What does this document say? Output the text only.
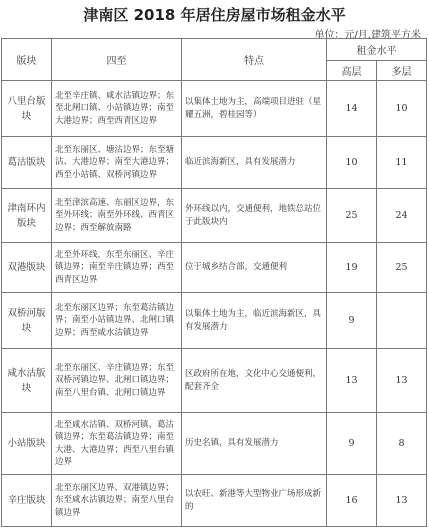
津南区 2018 年居住房屋市场租金水平
单位：元/月.建筑平方米
版块	四至	特点	租金水平	
			高层	多层
八里台版块	北至辛庄镇、咸水沽镇边界；东至北闸口镇、小站镇边界；南至大港边界；西至西青区边界	以集体土地为主，高端项目进驻（星耀五洲，碧桂园等）	14	10
葛沽版块	北至东丽区、塘沽边界；东至塘沽、大港边界；南至大港边界；西至小站镇、双桥河镇边界	临近滨海新区，具有发展潜力	10	11
津南环内版块	北至津滨高速、东丽区边界，东至外环线；南至外环线、西青区边界；西至解放南路	外环线以内，交通便利，地铁总站位于此版块内	25	24
双港版块	北至外环线，东至东丽区、辛庄镇边界；南至辛庄镇边界；西至西青区边界	位于城乡结合部，交通便利	19	25
双桥河版块	北至东丽区边界；东至葛沽镇边界；南至小站镇边界、北闸口镇边界；西至咸水沽镇边界	以集体土地为主，临近滨海新区，具有发展潜力	9	
咸水沽版块	北至东丽区、辛庄镇边界；东至双桥河镇边界、北闸口镇边界；南至八里台镇、北闸口镇边界	区政府所在地，文化中心交通便利，配套齐全	13	13
小站版块	北至咸水沽镇、双桥河镇、葛沽镇边界；东至葛沽镇边界；南至大港、大港边界；西至八里台镇边界	历史名镇，具有发展潜力	9	8
辛庄版块	北至东丽区边界、双港镇边界；东至咸水沽镇边界；南至八里台镇边界	以农旺、新港等大型物业广场形成新的	16	13
